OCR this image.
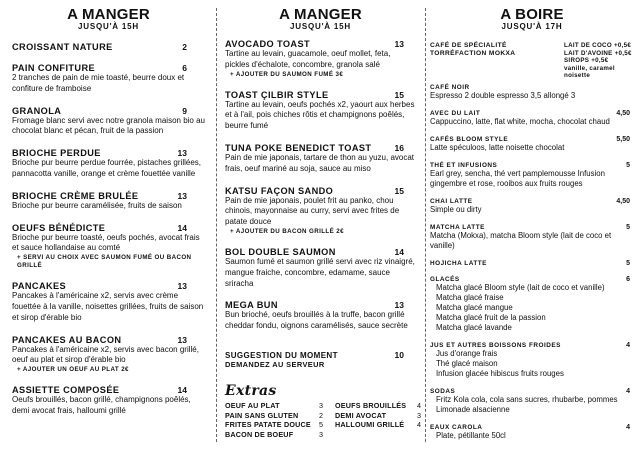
A MANGER
JUSQU'À 15H
CROISSANT NATURE	2
PAIN CONFITURE	6
2 tranches de pain de mie toasté, beurre doux et confiture de framboise
GRANOLA	9
Fromage blanc servi avec notre granola maison bio au chocolat blanc et pécan, fruit de la passion
BRIOCHE PERDUE	13
Brioche pur beurre perdue fourrée, pistaches grillées, pannacotta vanille, orange et crème fouettée vanille
BRIOCHE CRÈME BRULÉE	13
Brioche pur beurre caramélisée, fruits de saison
OEUFS BÉNÉDICTE	14
Brioche pur beurre toasté, oeufs pochés, avocat frais et sauce hollandaise au comté
+ SERVI AU CHOIX AVEC SAUMON FUMÉ OU BACON GRILLÉ
PANCAKES	13
Pancakes à l'américaine x2, servis avec crème fouettée à la vanille, noisettes grillées, fruits de saison et sirop d'érable bio
PANCAKES AU BACON	13
Pancakes à l'américaine x2, servis avec bacon grillé, oeuf au plat et sirop d'érable bio
+ AJOUTER UN OEUF AU PLAT 2€
ASSIETTE COMPOSÉE	14
Oeufs brouillés, bacon grillé, champignons poêlés, demi avocat frais, halloumi grillé
A MANGER
JUSQU'À 15H
AVOCADO TOAST	13
Tartine au levain, guacamole, oeuf mollet, feta, pickles d'échalote, concombre, granola salé
+ AJOUTER DU SAUMON FUMÉ 3€
TOAST ÇILBIR STYLE	15
Tartine au levain, oeufs pochés x2, yaourt aux herbes et à l'ail, pois chiches rôtis et champignons poêlés, beurre fumé
TUNA POKE BENEDICT TOAST	16
Pain de mie japonais, tartare de thon au yuzu, avocat frais, oeuf mariné au soja, sauce au miso
KATSU FAÇON SANDO	15
Pain de mie japonais, poulet frit au panko, chou chinois, mayonnaise au curry, servi avec frites de patate douce
+ AJOUTER DU BACON GRILLÉ 2€
BOL DOUBLE SAUMON	14
Saumon fumé et saumon grillé servi avec riz vinaigré, mangue fraiche, concombre, edamame, sauce sriracha
MEGA BUN	13
Bun brioché, oeufs brouillés à la truffe, bacon grillé cheddar fondu, oignons caramélisés, sauce secrète
SUGGESTION DU MOMENT	10
DEMANDEZ AU SERVEUR
Extras
OEUF AU PLAT	3	OEUFS BROUILLÉS	4
PAIN SANS GLUTEN	2	DEMI AVOCAT	3
FRITES PATATE DOUCE	5	HALLOUMI GRILLÉ	4
BACON DE BOEUF	3
A BOIRE
JUSQU'À 17H
CAFÉ DE SPÉCIALITÉ
TORRÉFACTION MOKXA
LAIT DE COCO +0,5€
LAIT D'AVOINE +0,5€
SIROPS +0,5€
vanille, caramel
noisette
CAFÉ NOIR
Espresso 2 double espresso 3,5 allongé 3
AVEC DU LAIT	4,50
Cappuccino, latte, flat white, mocha, chocolat chaud
CAFÉS BLOOM STYLE	5,50
Latte spéculoos, latte noisette chocolat
THÉ ET INFUSIONS	5
Earl grey, sencha, thé vert pamplemousse Infusion gingembre et rose, rooibos aux fruits rouges
CHAI LATTE	4,50
Simple ou dirty
MATCHA LATTE	5
Matcha (Mokxa), matcha Bloom style (lait de coco et vanille)
HOJICHA LATTE	5
GLACÉS	6
Matcha glacé Bloom style (lait de coco et vanille)
Matcha glacé fraise
Matcha glacé mangue
Matcha glacé fruit de la passion
Matcha glacé lavande
JUS ET AUTRES BOISSONS FROIDES	4
Jus d'orange frais
Thé glacé maison
Infusion glacée hibiscus fruits rouges
SODAS	4
Fritz Kola cola, cola sans sucres, rhubarbe, pommes Limonade alsacienne
EAUX CAROLA	4
Plate, pétillante 50cl
